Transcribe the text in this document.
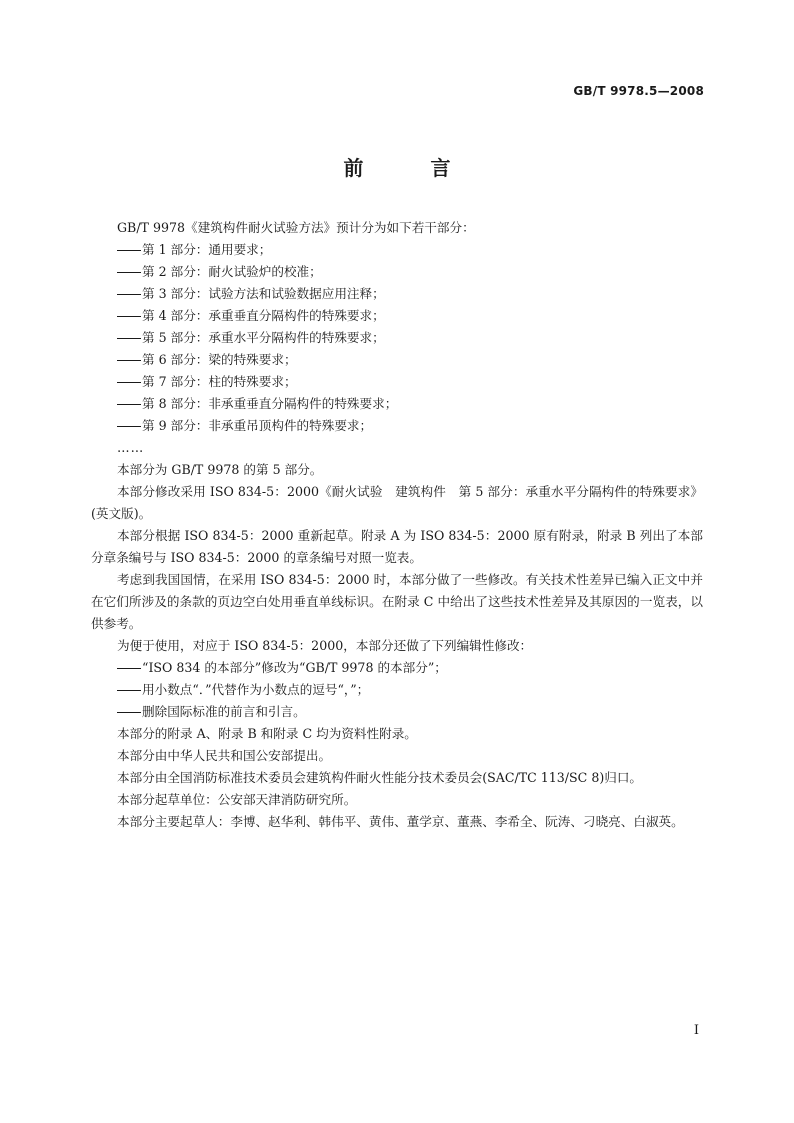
GB/T 9978.5—2008
前 言

GB/T 9978《建筑构件耐火试验方法》预计分为如下若干部分：

第 1 部分：通用要求；

第 2 部分：耐火试验炉的校准；

第 3 部分：试验方法和试验数据应用注释；

第 4 部分：承重垂直分隔构件的特殊要求；

第 5 部分：承重水平分隔构件的特殊要求；

第 6 部分：梁的特殊要求；

第 7 部分：柱的特殊要求；

第 8 部分：非承重垂直分隔构件的特殊要求；

第 9 部分：非承重吊顶构件的特殊要求；

……

本部分为 GB/T 9978 的第 5 部分。

本部分修改采用 ISO 834-5：2000《耐火试验　建筑构件　第 5 部分：承重水平分隔构件的特殊要求》(英文版)。

本部分根据 ISO 834-5：2000 重新起草。附录 A 为 ISO 834-5：2000 原有附录，附录 B 列出了本部分章条编号与 ISO 834-5：2000 的章条编号对照一览表。

考虑到我国国情，在采用 ISO 834-5：2000 时，本部分做了一些修改。有关技术性差异已编入正文中并在它们所涉及的条款的页边空白处用垂直单线标识。在附录 C 中给出了这些技术性差异及其原因的一览表，以供参考。

为便于使用，对应于 ISO 834-5：2000，本部分还做了下列编辑性修改：

“ISO 834 的本部分”修改为“GB/T 9978 的本部分”；

用小数点“．”代替作为小数点的逗号“，”；

删除国际标准的前言和引言。

本部分的附录 A、附录 B 和附录 C 均为资料性附录。

本部分由中华人民共和国公安部提出。

本部分由全国消防标准技术委员会建筑构件耐火性能分技术委员会(SAC/TC 113/SC 8)归口。

本部分起草单位：公安部天津消防研究所。

本部分主要起草人：李博、赵华利、韩伟平、黄伟、董学京、董燕、李希全、阮涛、刁晓亮、白淑英。

I
